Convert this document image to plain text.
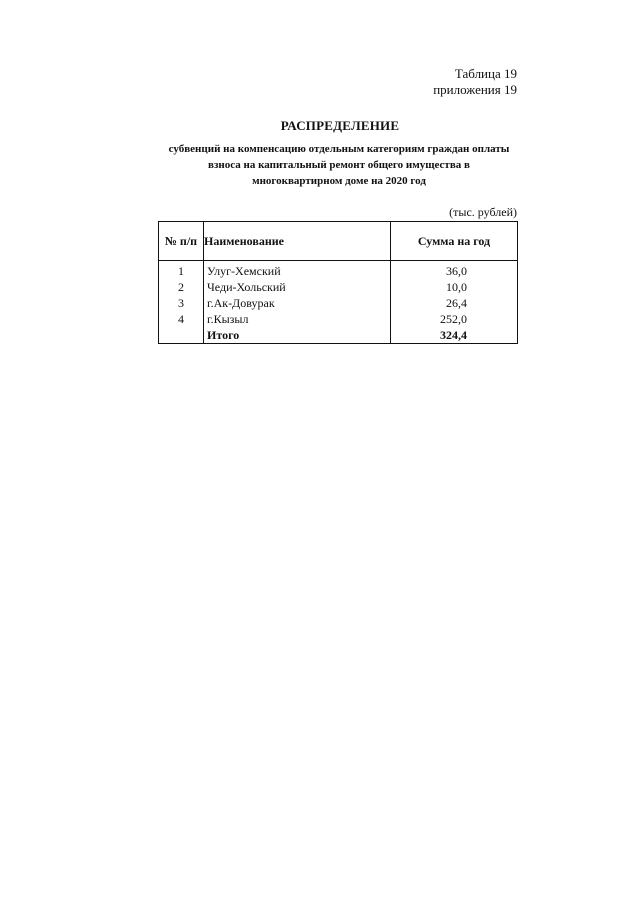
Таблица 19
приложения 19
РАСПРЕДЕЛЕНИЕ
субвенций на компенсацию отдельным категориям граждан оплаты
взноса на капитальный ремонт общего имущества в
многоквартирном доме на 2020 год
(тыс. рублей)
№ п/п	Наименование	Сумма на год
1	Улуг-Хемский	36,0
2	Чеди-Хольский	10,0
3	г.Ак-Довурак	26,4
4	г.Кызыл	252,0
	Итого	324,4
